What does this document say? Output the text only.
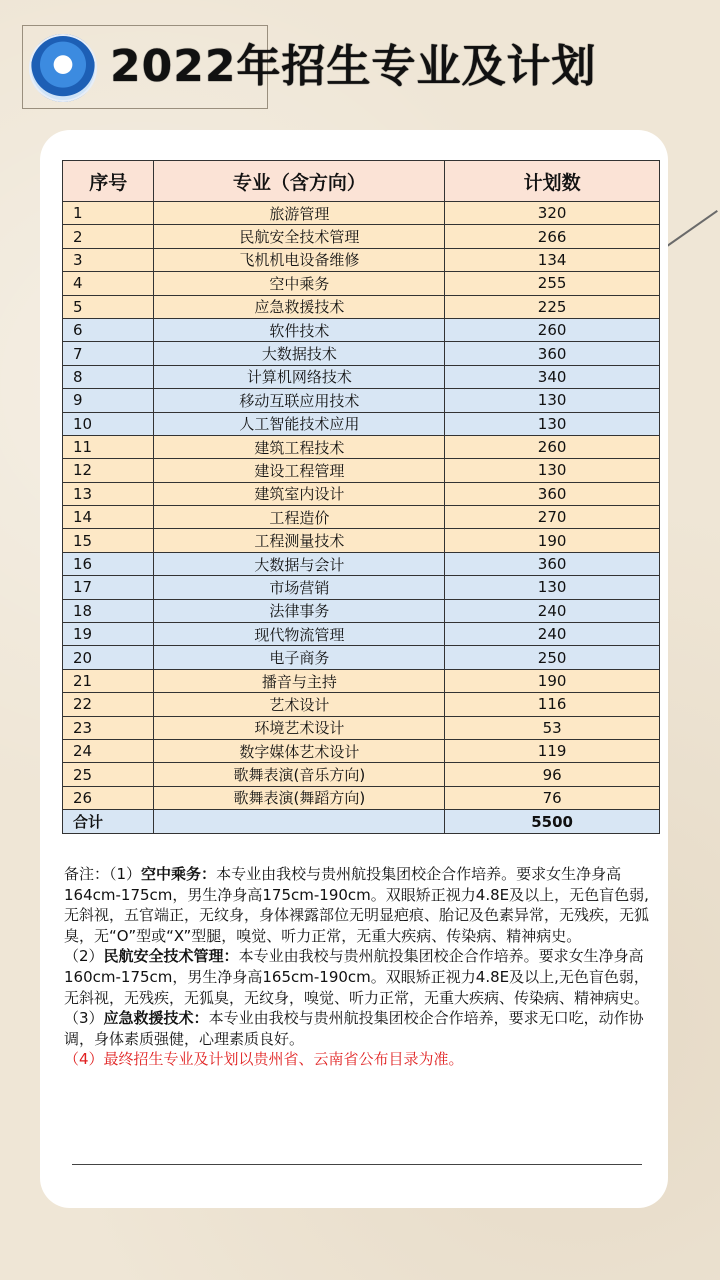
2022年招生专业及计划
序号	专业（含方向）	计划数
1	旅游管理	320
2	民航安全技术管理	266
3	飞机机电设备维修	134
4	空中乘务	255
5	应急救援技术	225
6	软件技术	260
7	大数据技术	360
8	计算机网络技术	340
9	移动互联应用技术	130
10	人工智能技术应用	130
11	建筑工程技术	260
12	建设工程管理	130
13	建筑室内设计	360
14	工程造价	270
15	工程测量技术	190
16	大数据与会计	360
17	市场营销	130
18	法律事务	240
19	现代物流管理	240
20	电子商务	250
21	播音与主持	190
22	艺术设计	116
23	环境艺术设计	53
24	数字媒体艺术设计	119
25	歌舞表演(音乐方向)	96
26	歌舞表演(舞蹈方向)	76
合计		5500

备注：（1）空中乘务：本专业由我校与贵州航投集团校企合作培养。要求女生净身高164cm-175cm，男生净身高175cm-190cm。双眼矫正视力4.8E及以上，无色盲色弱,无斜视，五官端正，无纹身，身体裸露部位无明显疤痕、胎记及色素异常，无残疾，无狐臭，无“O”型或“X”型腿，嗅觉、听力正常，无重大疾病、传染病、精神病史。

（2）民航安全技术管理：本专业由我校与贵州航投集团校企合作培养。要求女生净身高160cm-175cm，男生净身高165cm-190cm。双眼矫正视力4.8E及以上,无色盲色弱，无斜视，无残疾，无狐臭，无纹身，嗅觉、听力正常，无重大疾病、传染病、精神病史。

（3）应急救援技术：本专业由我校与贵州航投集团校企合作培养，要求无口吃，动作协调，身体素质强健，心理素质良好。

（4）最终招生专业及计划以贵州省、云南省公布目录为准。
